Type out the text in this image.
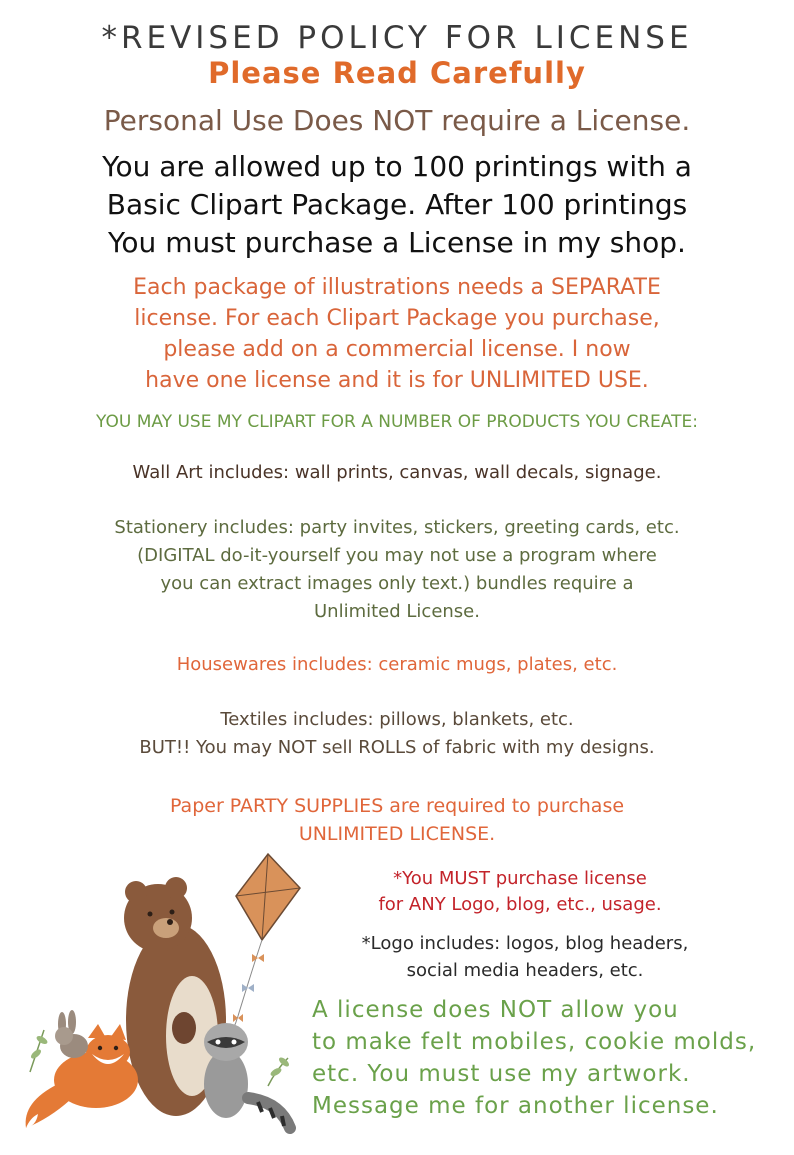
*REVISED POLICY FOR LICENSE
Please Read Carefully
Personal Use Does NOT require a License.
You are allowed up to 100 printings with a
Basic Clipart Package. After 100 printings
You must purchase a License in my shop.
Each package of illustrations needs a SEPARATE
license. For each Clipart Package you purchase,
please add on a commercial license. I now
have one license and it is for UNLIMITED USE.
YOU MAY USE MY CLIPART FOR A NUMBER OF PRODUCTS YOU CREATE:
Wall Art includes: wall prints, canvas, wall decals, signage.
Stationery includes: party invites, stickers, greeting cards, etc.
(DIGITAL do-it-yourself you may not use a program where
you can extract images only text.) bundles require a
Unlimited License.
Housewares includes: ceramic mugs, plates, etc.
Textiles includes: pillows, blankets, etc.
BUT!! You may NOT sell ROLLS of fabric with my designs.
Paper PARTY SUPPLIES are required to purchase
UNLIMITED LICENSE.
*You MUST purchase license
for ANY Logo, blog, etc., usage.
*Logo includes: logos, blog headers,
social media headers, etc.
A license does NOT allow you
to make felt mobiles, cookie molds,
etc. You must use my artwork.
Message me for another license.
